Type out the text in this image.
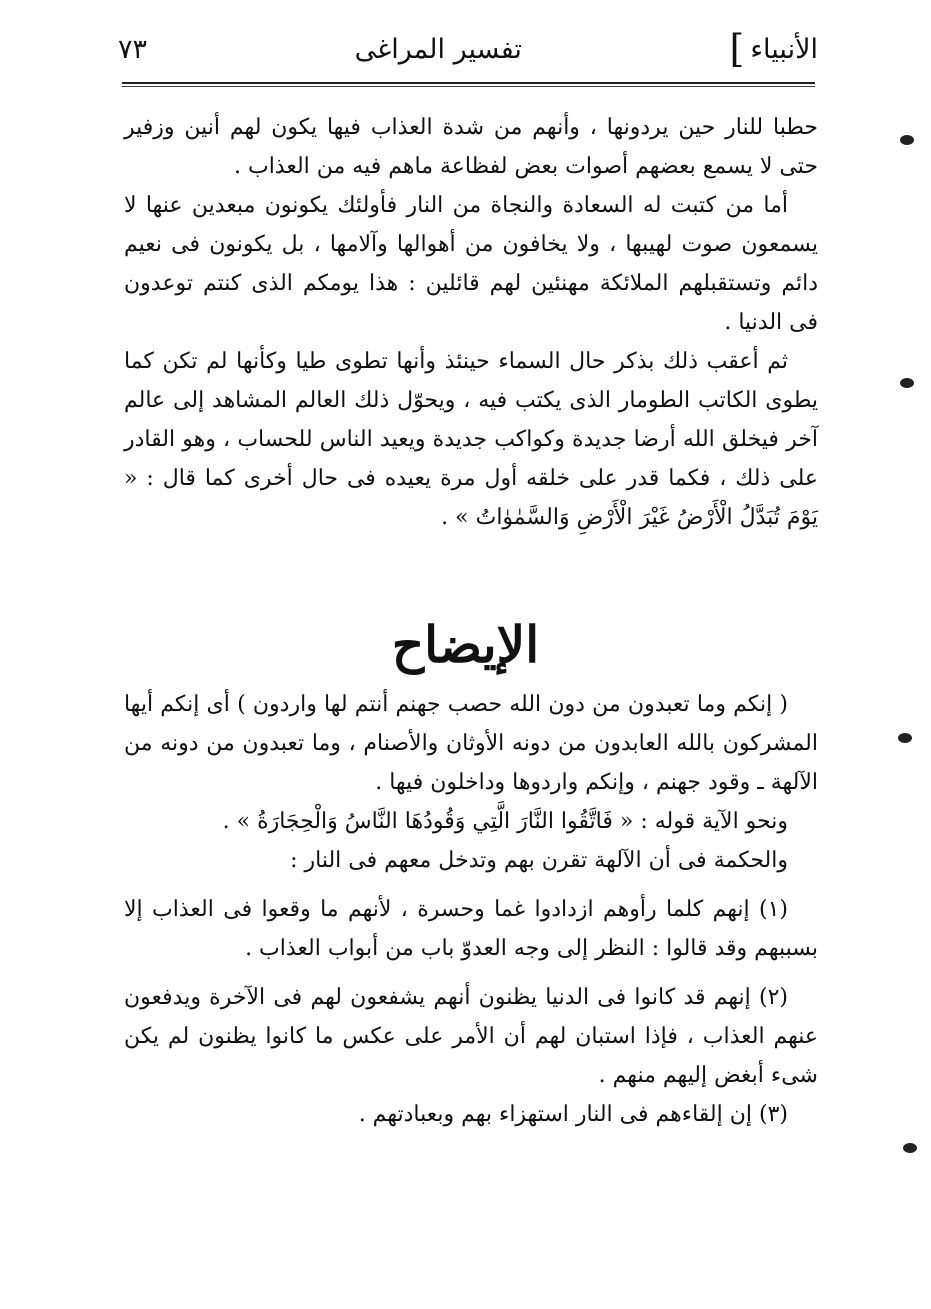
الأنبياء
]
تفسير المراغى
٧٣

حطبا للنار حين يردونها ، وأنهم من شدة العذاب فيها يكون لهم أنين وزفير حتى لا يسمع بعضهم أصوات بعض لفظاعة ماهم فيه من العذاب .

أما من كتبت له السعادة والنجاة من النار فأولئك يكونون مبعدين عنها لا يسمعون صوت لهيبها ، ولا يخافون من أهوالها وآلامها ، بل يكونون فى نعيم دائم وتستقبلهم الملائكة مهنئين لهم قائلين : هذا يومكم الذى كنتم توعدون فى الدنيا .

ثم أعقب ذلك بذكر حال السماء حينئذ وأنها تطوى طيا وكأنها لم تكن كما يطوى الكاتب الطومار الذى يكتب فيه ، ويحوّل ذلك العالم المشاهد إلى عالم آخر فيخلق الله أرضا جديدة وكواكب جديدة ويعيد الناس للحساب ، وهو القادر على ذلك ، فكما قدر على خلقه أول مرة يعيده فى حال أخرى كما قال : « يَوْمَ تُبَدَّلُ الْأَرْضُ غَيْرَ الْأَرْضِ وَالسَّمٰوٰاتُ » .

الإيضاح

( إنكم وما تعبدون من دون الله حصب جهنم أنتم لها واردون ) أى إنكم أيها المشركون بالله العابدون من دونه الأوثان والأصنام ، وما تعبدون من دونه من الآلهة ـ وقود جهنم ، وإنكم واردوها وداخلون فيها .

ونحو الآية قوله : « فَاتَّقُوا النَّارَ الَّتِي وَقُودُهَا النَّاسُ وَالْحِجَارَةُ » .

والحكمة فى أن الآلهة تقرن بهم وتدخل معهم فى النار :

(١) إنهم كلما رأوهم ازدادوا غما وحسرة ، لأنهم ما وقعوا فى العذاب إلا بسببهم وقد قالوا : النظر إلى وجه العدوّ باب من أبواب العذاب .

(٢) إنهم قد كانوا فى الدنيا يظنون أنهم يشفعون لهم فى الآخرة ويدفعون عنهم العذاب ، فإذا استبان لهم أن الأمر على عكس ما كانوا يظنون لم يكن شىء أبغض إليهم منهم .

(٣) إن إلقاءهم فى النار استهزاء بهم وبعبادتهم .
